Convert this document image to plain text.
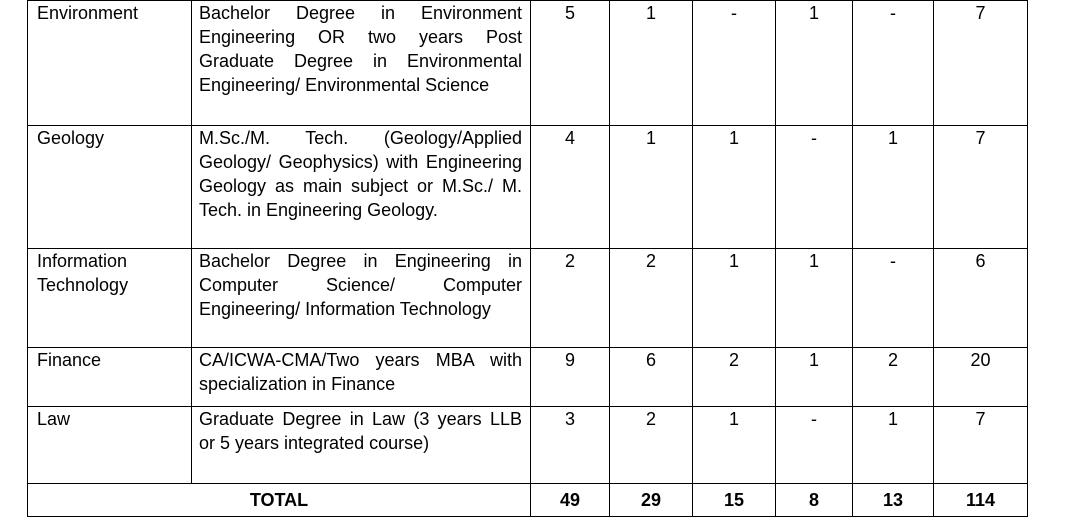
Environment	Bachelor Degree in Environment Engineering OR two years Post Graduate Degree in Environmental Engineering/ Environmental Science	5	1	-	1	-	7
Geology	M.Sc./M. Tech. (Geology/Applied Geology/ Geophysics) with Engineering Geology as main subject or M.Sc./ M. Tech. in Engineering Geology.	4	1	1	-	1	7
Information Technology	Bachelor Degree in Engineering in Computer Science/ Computer Engineering/ Information Technology	2	2	1	1	-	6
Finance	CA/ICWA-CMA/Two years MBA with specialization in Finance	9	6	2	1	2	20
Law	Graduate Degree in Law (3 years LLB or 5 years integrated course)	3	2	1	-	1	7
TOTAL		49	29	15	8	13	114
